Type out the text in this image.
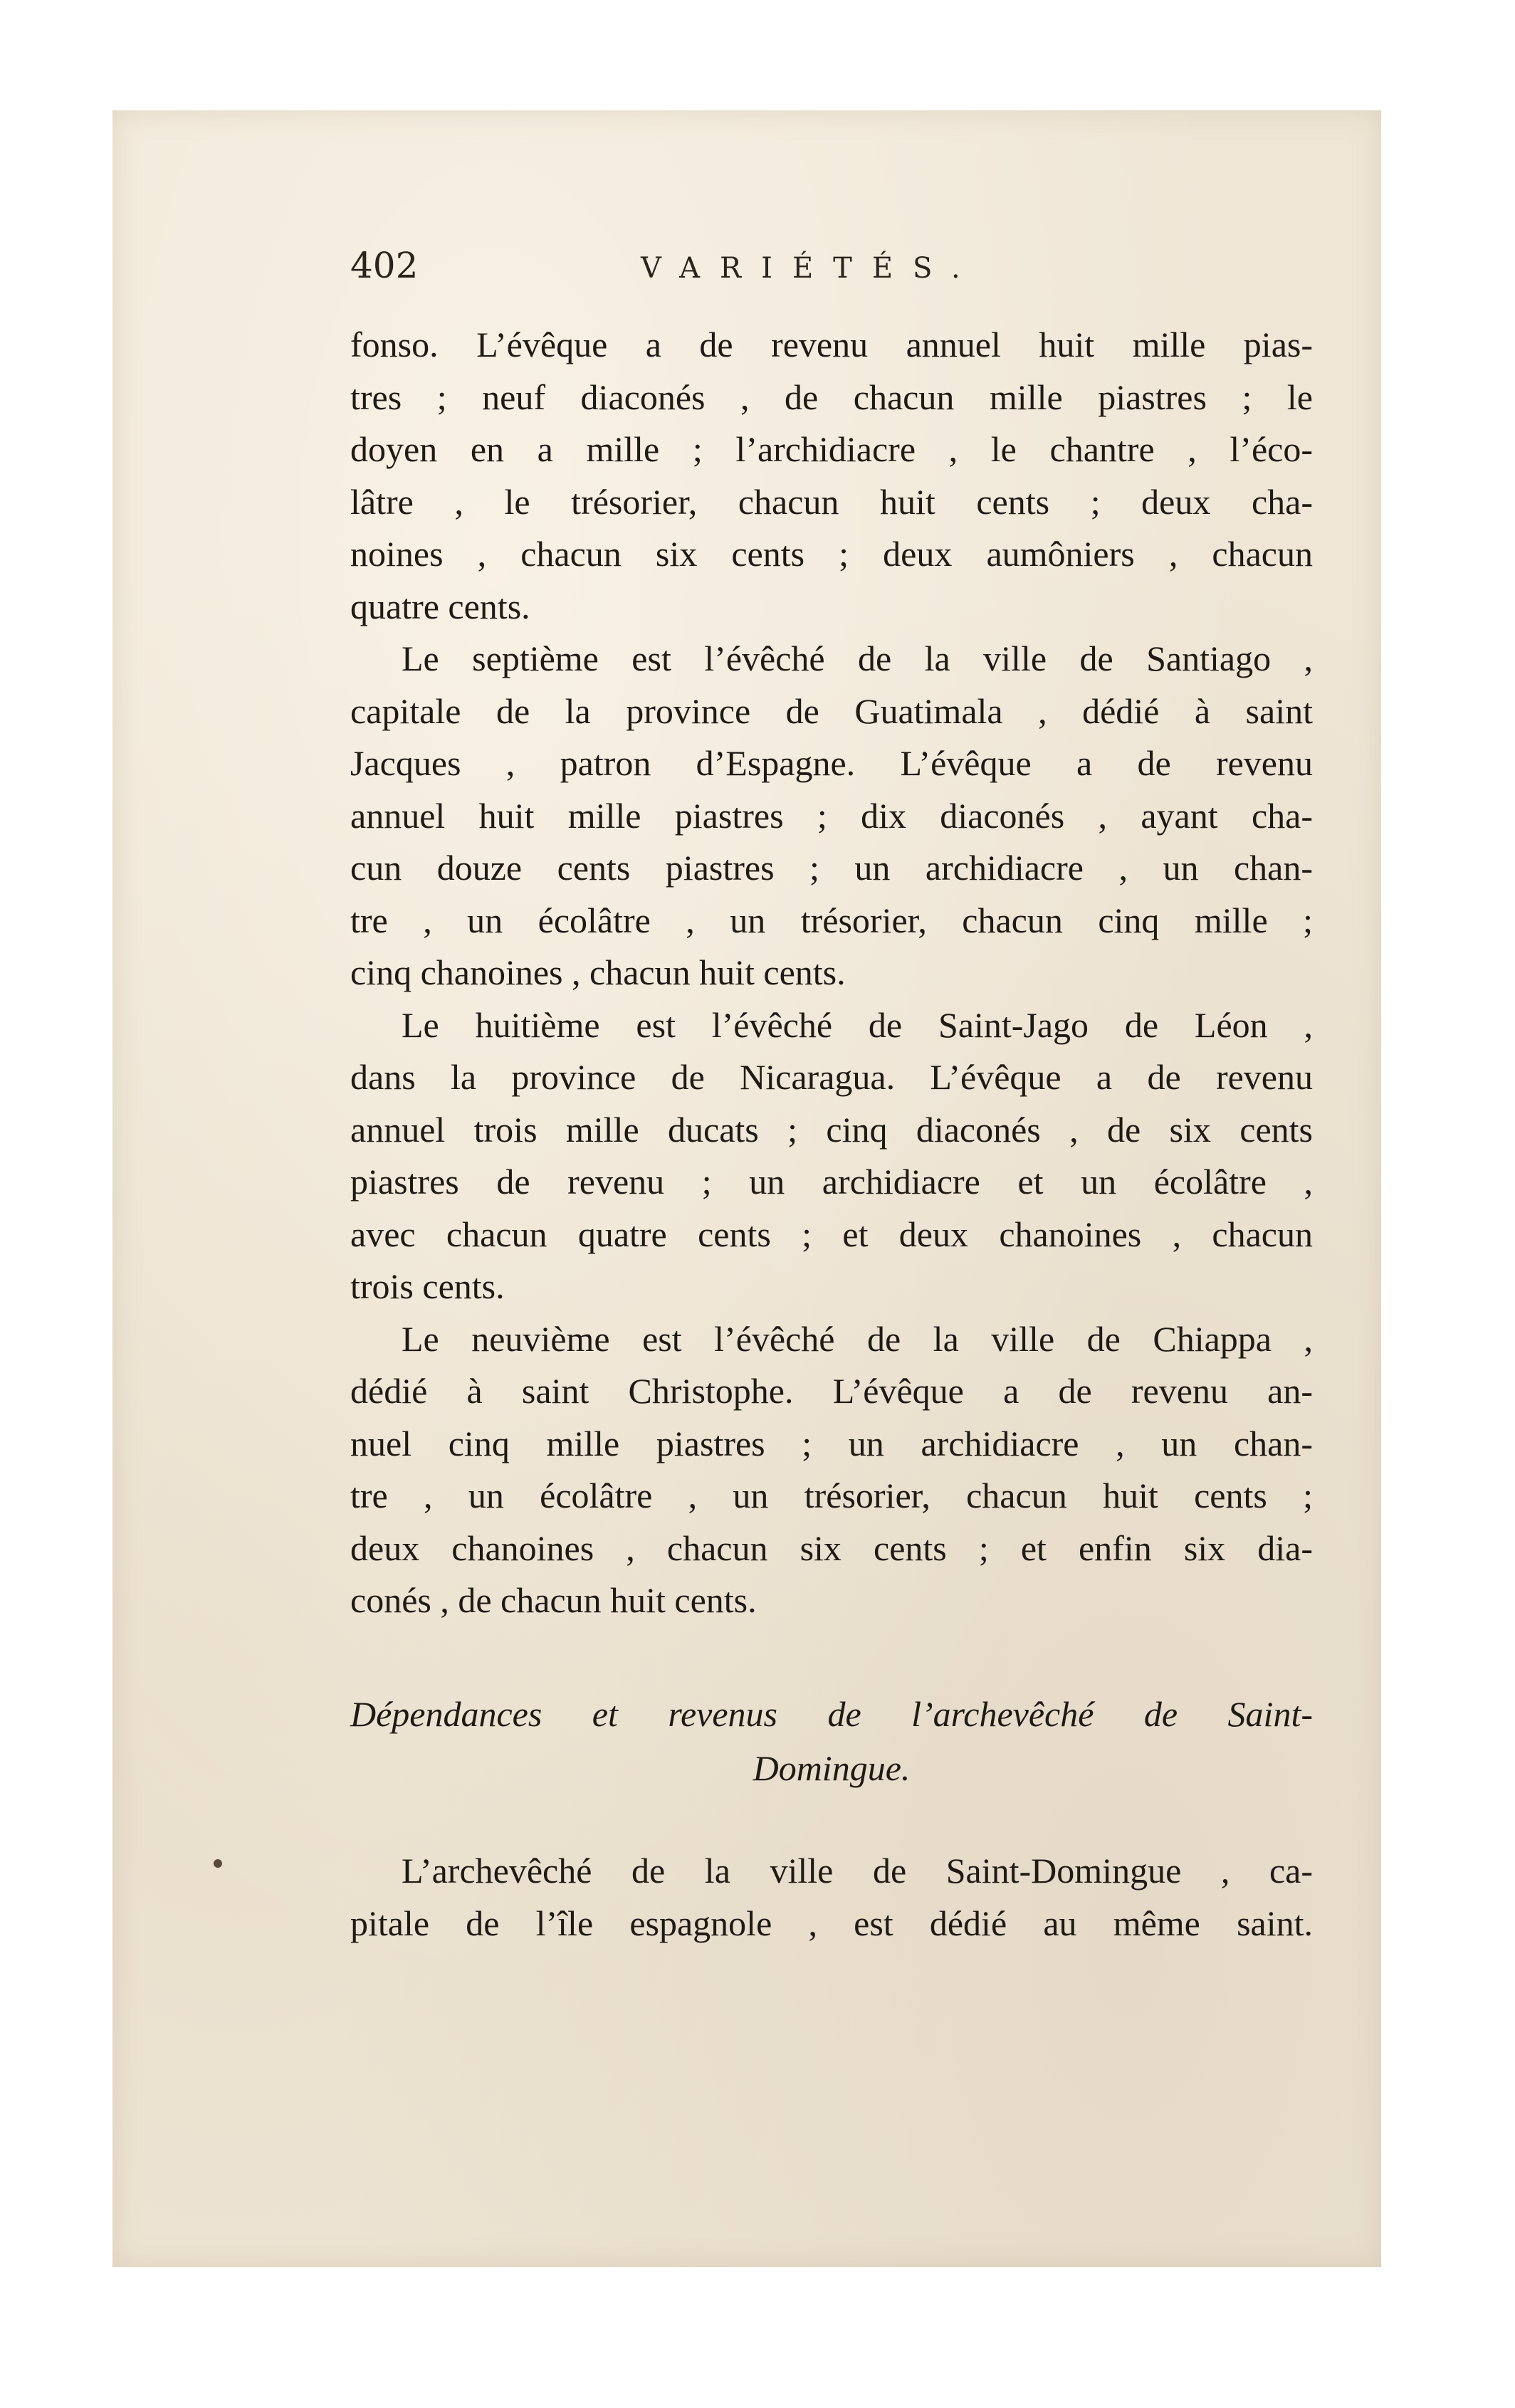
402	VARIÉTÉS.
fonso. L’évêque a de revenu annuel huit mille pias-
tres ; neuf diaconés , de chacun mille piastres ; le
doyen en a mille ; l’archidiacre , le chantre , l’éco-
lâtre , le trésorier, chacun huit cents ; deux cha-
noines , chacun six cents ; deux aumôniers , chacun
quatre cents.
Le septième est l’évêché de la ville de Santiago ,
capitale de la province de Guatimala , dédié à saint
Jacques , patron d’Espagne. L’évêque a de revenu
annuel huit mille piastres ; dix diaconés , ayant cha-
cun douze cents piastres ; un archidiacre , un chan-
tre , un écolâtre , un trésorier, chacun cinq mille ;
cinq chanoines , chacun huit cents.
Le huitième est l’évêché de Saint-Jago de Léon ,
dans la province de Nicaragua. L’évêque a de revenu
annuel trois mille ducats ; cinq diaconés , de six cents
piastres de revenu ; un archidiacre et un écolâtre ,
avec chacun quatre cents ; et deux chanoines , chacun
trois cents.
Le neuvième est l’évêché de la ville de Chiappa ,
dédié à saint Christophe. L’évêque a de revenu an-
nuel cinq mille piastres ; un archidiacre , un chan-
tre , un écolâtre , un trésorier, chacun huit cents ;
deux chanoines , chacun six cents ; et enfin six dia-
conés , de chacun huit cents.
Dépendances et revenus de l’archevêché de Saint-
Domingue.
L’archevêché de la ville de Saint-Domingue , ca-
pitale de l’île espagnole , est dédié au même saint.
